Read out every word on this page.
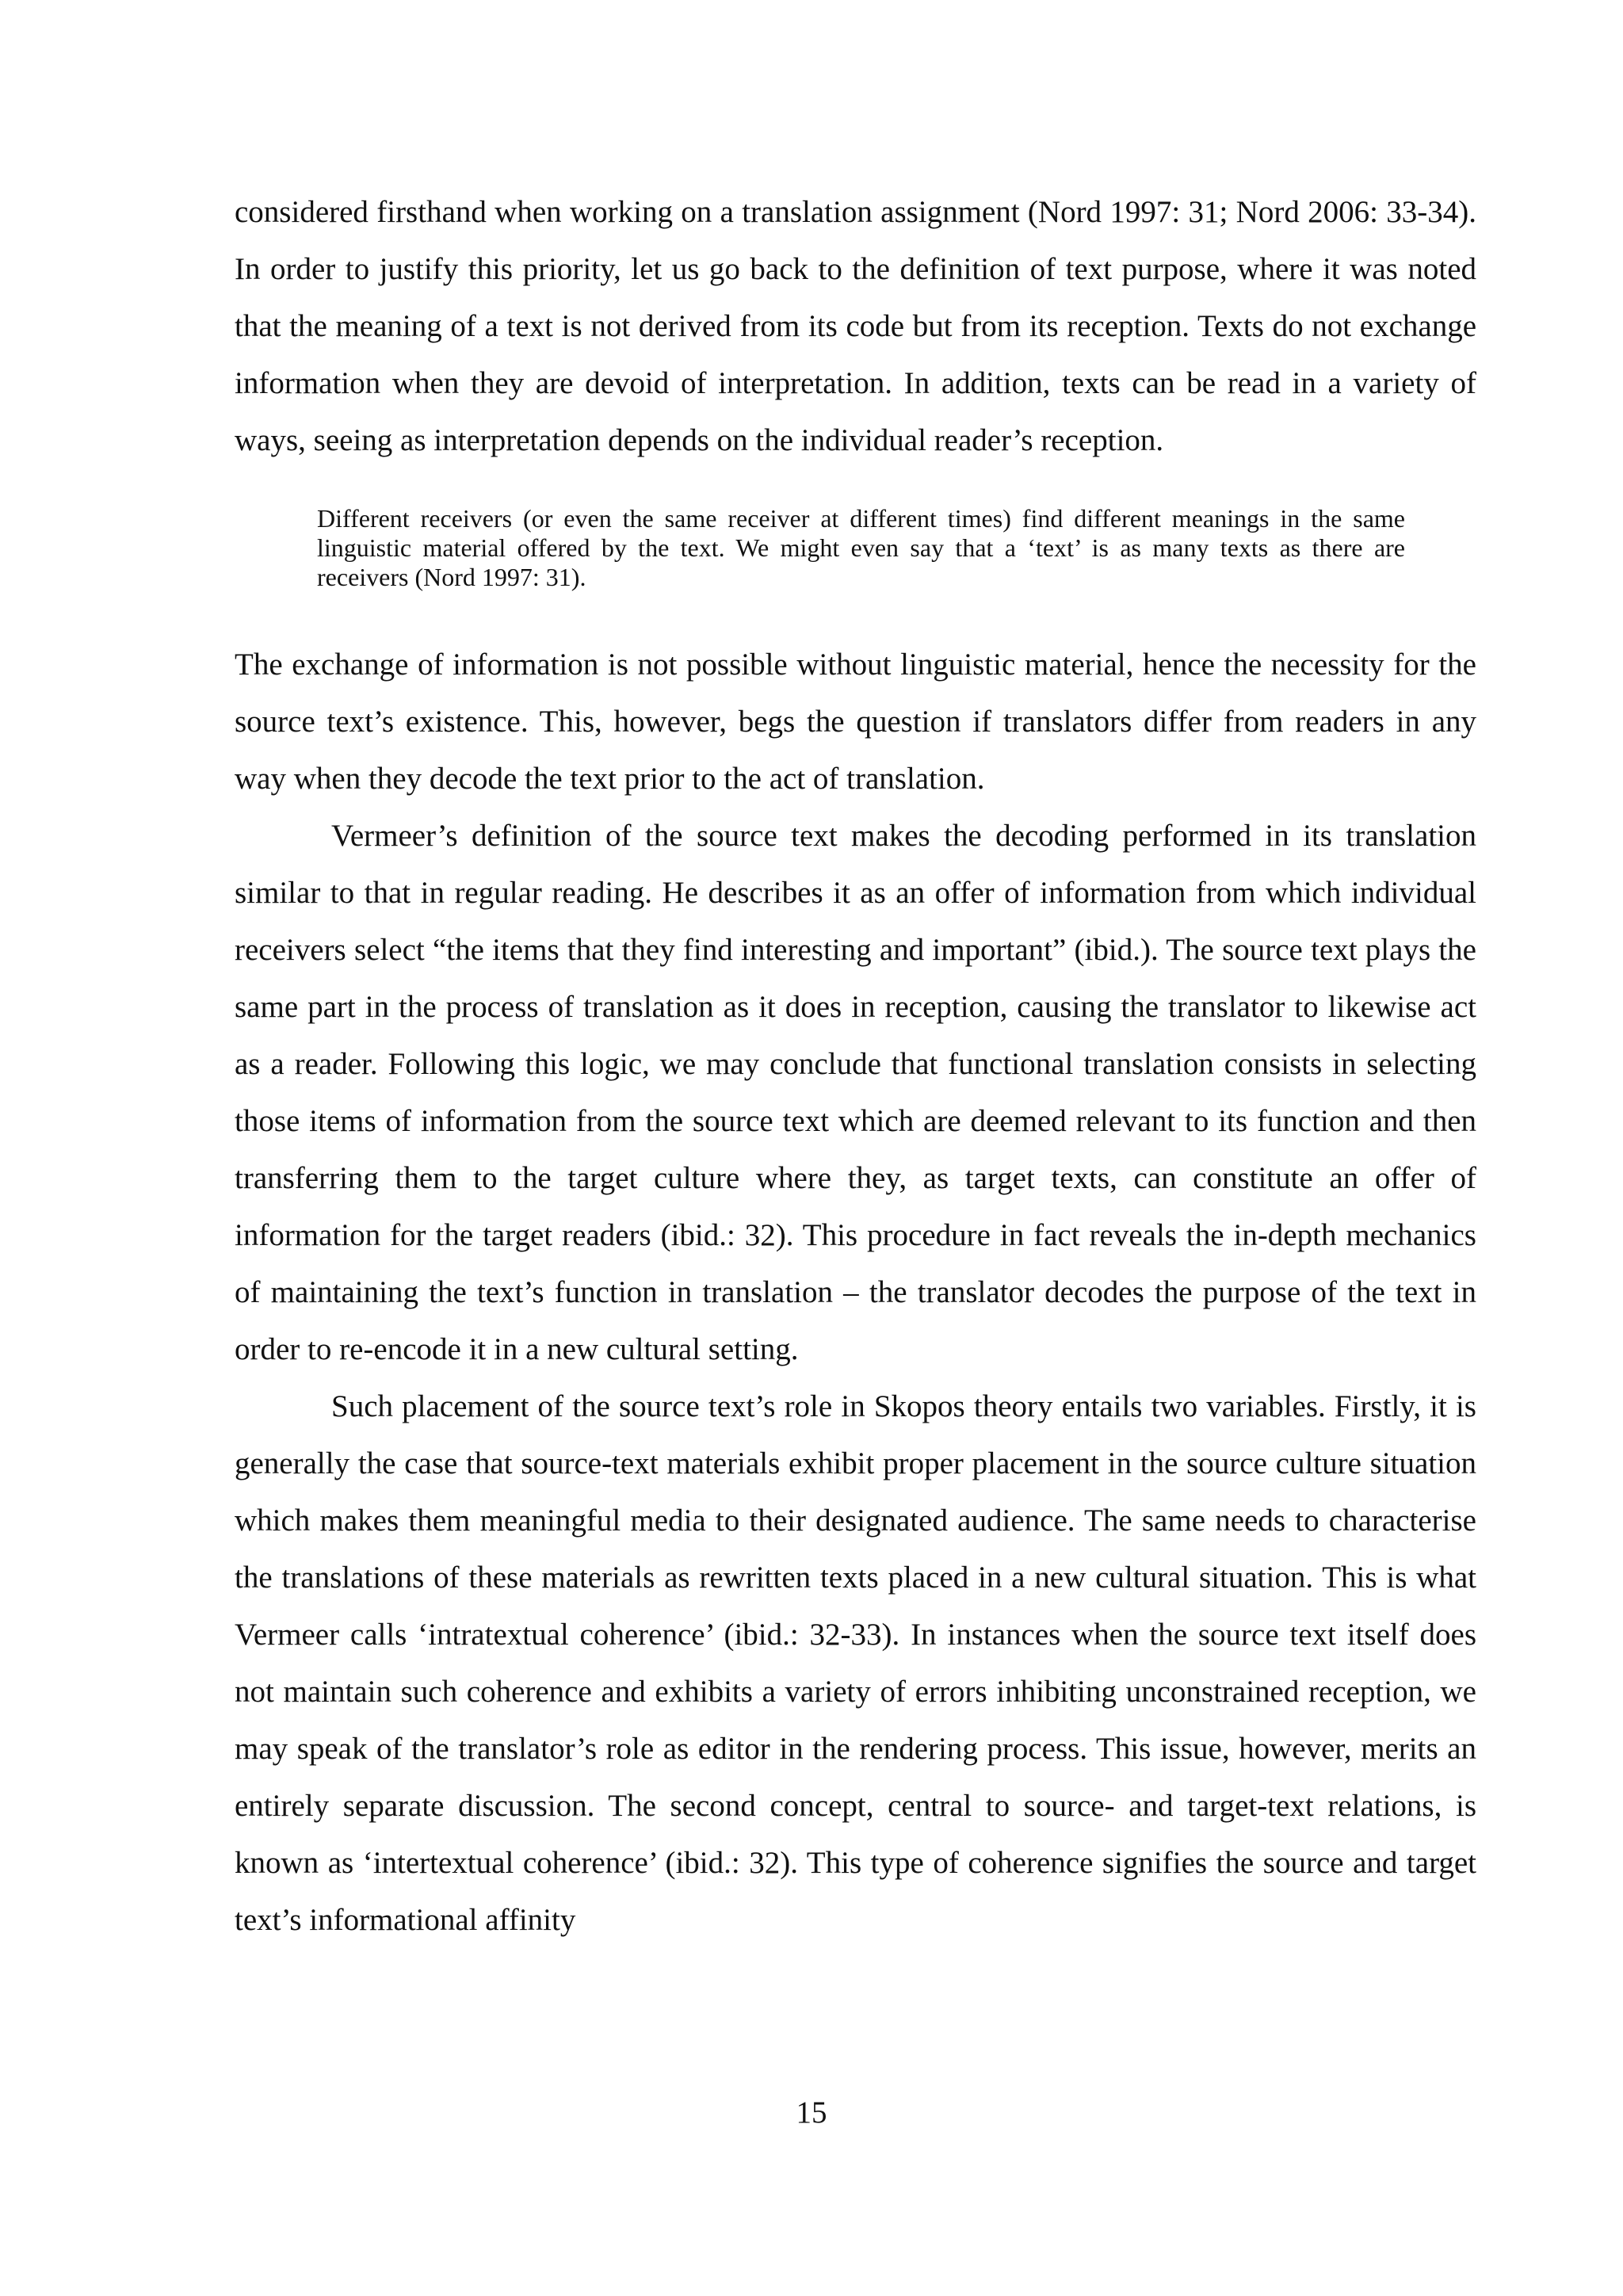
considered firsthand when working on a translation assignment (Nord 1997: 31; Nord 2006: 33-34). In order to justify this priority, let us go back to the definition of text purpose, where it was noted that the meaning of a text is not derived from its code but from its reception. Texts do not exchange information when they are devoid of interpretation. In addition, texts can be read in a variety of ways, seeing as interpretation depends on the individual reader’s reception.

Different receivers (or even the same receiver at different times) find different meanings in the same linguistic material offered by the text. We might even say that a ‘text’ is as many texts as there are receivers (Nord 1997: 31).

The exchange of information is not possible without linguistic material, hence the necessity for the source text’s existence. This, however, begs the question if translators differ from readers in any way when they decode the text prior to the act of translation.

Vermeer’s definition of the source text makes the decoding performed in its translation similar to that in regular reading. He describes it as an offer of information from which individual receivers select “the items that they find interesting and important” (ibid.). The source text plays the same part in the process of translation as it does in reception, causing the translator to likewise act as a reader. Following this logic, we may conclude that functional translation consists in selecting those items of information from the source text which are deemed relevant to its function and then transferring them to the target culture where they, as target texts, can constitute an offer of information for the target readers (ibid.: 32). This procedure in fact reveals the in-depth mechanics of maintaining the text’s function in translation – the translator decodes the purpose of the text in order to re-encode it in a new cultural setting.

Such placement of the source text’s role in Skopos theory entails two variables. Firstly, it is generally the case that source-text materials exhibit proper placement in the source culture situation which makes them meaningful media to their designated audience. The same needs to characterise the translations of these materials as rewritten texts placed in a new cultural situation. This is what Vermeer calls ‘intratextual coherence’ (ibid.: 32-33). In instances when the source text itself does not maintain such coherence and exhibits a variety of errors inhibiting unconstrained reception, we may speak of the translator’s role as editor in the rendering process. This issue, however, merits an entirely separate discussion. The second concept, central to source- and target-text relations, is known as ‘intertextual coherence’ (ibid.: 32). This type of coherence signifies the source and target text’s informational affinity

15
